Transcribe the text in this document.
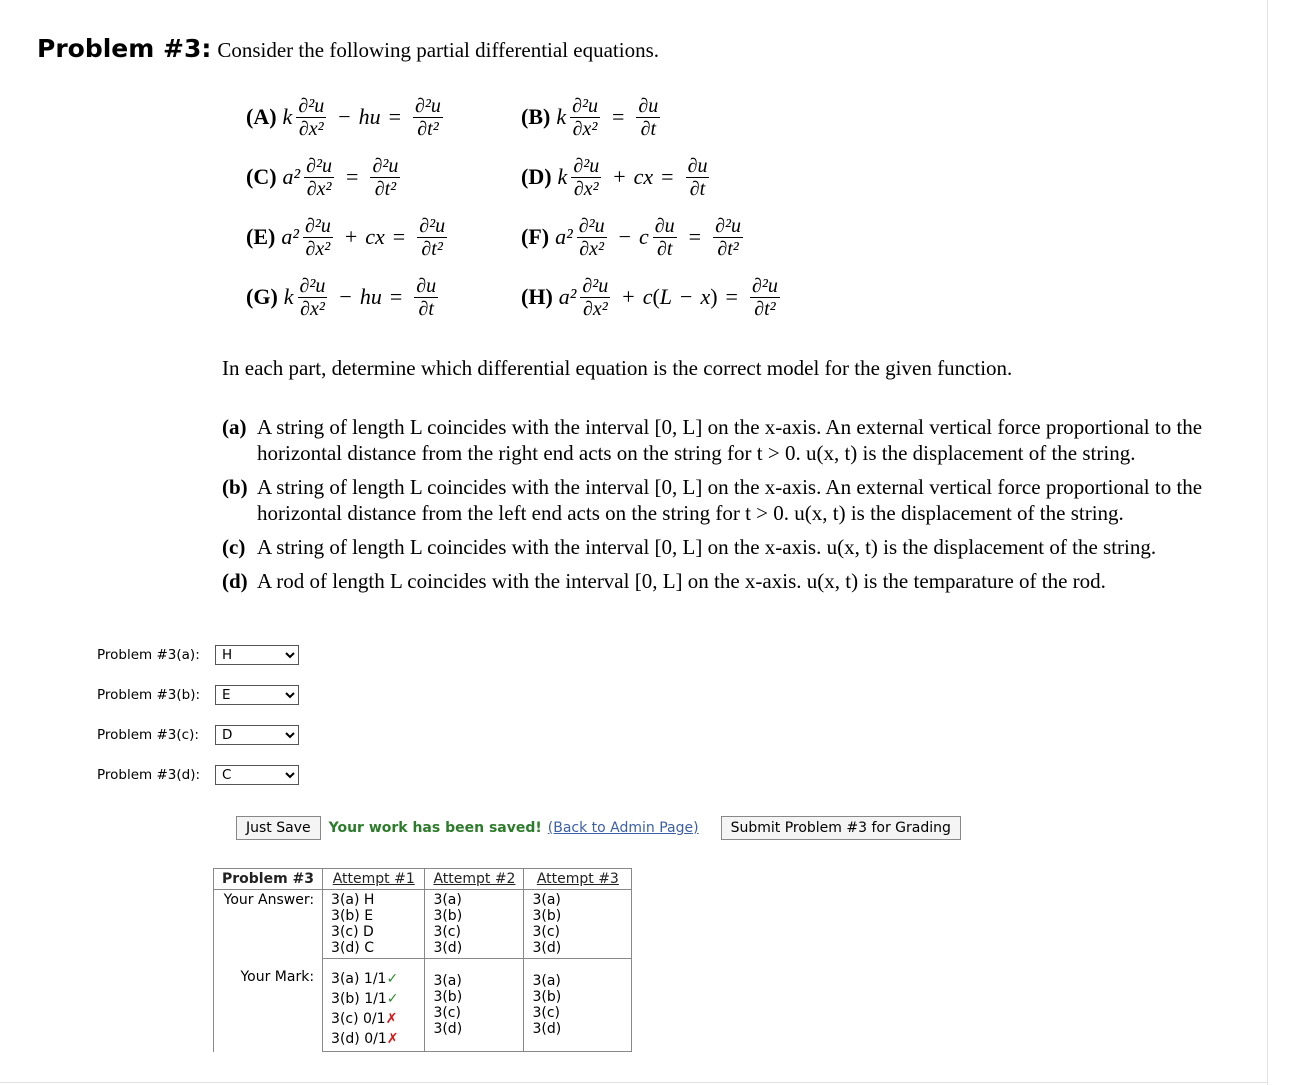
Problem #3: Consider the following partial differential equations.
(A) k $\frac{\text{∂²u}}{\text{∂x²}}$ − hu = $\frac{\text{∂²u}}{\text{∂t²}}$	(B) k $\frac{\text{∂²u}}{\text{∂x²}} = \frac{\partial u}{\partial t}$
(C) $a^2 \frac{\text{∂²u}}{\text{∂x²}} = \frac{\text{∂²u}}{\text{∂t²}}$	(D) k $\frac{\text{∂²u}}{\text{∂x²}}$ + cx = $\frac{\partial u}{\partial t}$
(E) $a^2 \frac{\text{∂²u}}{\text{∂x²}}$ + cx = $\frac{\text{∂²u}}{\text{∂t²}}$	(F) $a^2 \frac{\text{∂²u}}{\text{∂x²}} - c \frac{\partial u}{\partial t} = \frac{\text{∂²u}}{\text{∂t²}}$
(G) k $\frac{\text{∂²u}}{\text{∂x²}}$ − hu = $\frac{\partial u}{\partial t}$	(H) $a^2 \frac{\text{∂²u}}{\text{∂x²}} + c$ ( L − x ) = $\frac{\text{∂²u}}{\text{∂t²}}$
In each part, determine which differential equation is the correct model for the given function.
(a) A string of length L coincides with the interval [0, L] on the x-axis. An external vertical force proportional to the horizontal distance from the right end acts on the string for t > 0. u(x, t) is the displacement of the string.
(b) A string of length L coincides with the interval [0, L] on the x-axis. An external vertical force proportional to the horizontal distance from the left end acts on the string for t > 0. u(x, t) is the displacement of the string.
(c) A string of length L coincides with the interval [0, L] on the x-axis. u(x, t) is the displacement of the string.
(d) A rod of length L coincides with the interval [0, L] on the x-axis. u(x, t) is the temparature of the rod.
Problem #3(a):
H
Problem #3(b):
E
Problem #3(c):
D
Problem #3(d):
C
Just Save	Your work has been saved! (Back to Admin Page)	Submit Problem #3 for Grading
Problem #3	Attempt #1	Attempt #2	Attempt #3
Your Answer:	3(a) H
3(b) E
3(c) D
3(d) C	3(a)
3(b)
3(c)
3(d)	3(a)
3(b)
3(c)
3(d)

Your Mark:	3(a) 1/1✓
3(b) 1/1✓
3(c) 0/1✗
3(d) 0/1✗	3(a)
3(b)
3(c)
3(d)	3(a)
3(b)
3(c)
3(d)
